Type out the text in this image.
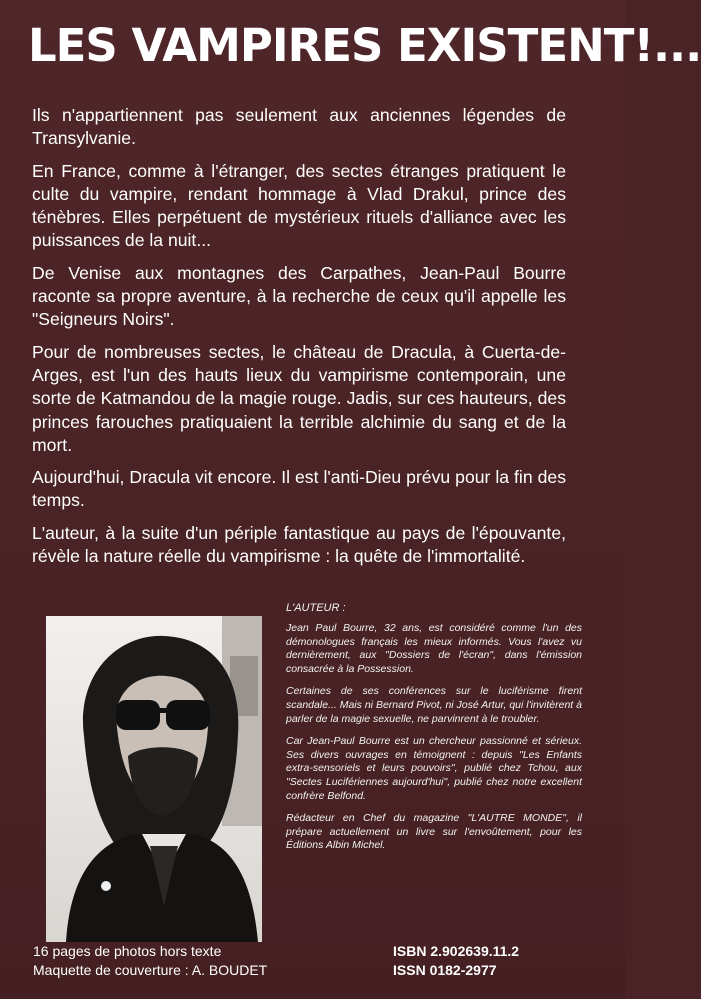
LES VAMPIRES EXISTENT!...

Ils n'appartiennent pas seulement aux anciennes légendes de Transylvanie.

En France, comme à l'étranger, des sectes étranges pratiquent le culte du vampire, rendant hommage à Vlad Drakul, prince des ténèbres. Elles perpétuent de mystérieux rituels d'alliance avec les puissances de la nuit...

De Venise aux montagnes des Carpathes, Jean-Paul Bourre raconte sa propre aventure, à la recherche de ceux qu'il appelle les "Seigneurs Noirs".

Pour de nombreuses sectes, le château de Dracula, à Cuerta-de-Arges, est l'un des hauts lieux du vampirisme contemporain, une sorte de Katmandou de la magie rouge. Jadis, sur ces hauteurs, des princes farouches pratiquaient la terrible alchimie du sang et de la mort.

Aujourd'hui, Dracula vit encore. Il est l'anti-Dieu prévu pour la fin des temps.

L'auteur, à la suite d'un périple fantastique au pays de l'épouvante, révèle la nature réelle du vampirisme : la quête de l'immortalité.

L'AUTEUR :

Jean Paul Bourre, 32 ans, est considéré comme l'un des démonologues français les mieux informés. Vous l'avez vu dernièrement, aux "Dossiers de l'écran", dans l'émission consacrée à la Possession.

Certaines de ses conférences sur le luciférisme firent scandale... Mais ni Bernard Pivot, ni José Artur, qui l'invitèrent à parler de la magie sexuelle, ne parvinrent à le troubler.

Car Jean-Paul Bourre est un chercheur passionné et sérieux. Ses divers ouvrages en témoignent : depuis "Les Enfants extra-sensoriels et leurs pouvoirs", publié chez Tchou, aux "Sectes Lucifériennes aujourd'hui", publié chez notre excellent confrère Belfond.

Rédacteur en Chef du magazine "L'AUTRE MONDE", il prépare actuellement un livre sur l'envoûtement, pour les Éditions Albin Michel.

16 pages de photos hors texte
Maquette de couverture : A. BOUDET
ISBN 2.902639.11.2
ISSN 0182-2977
